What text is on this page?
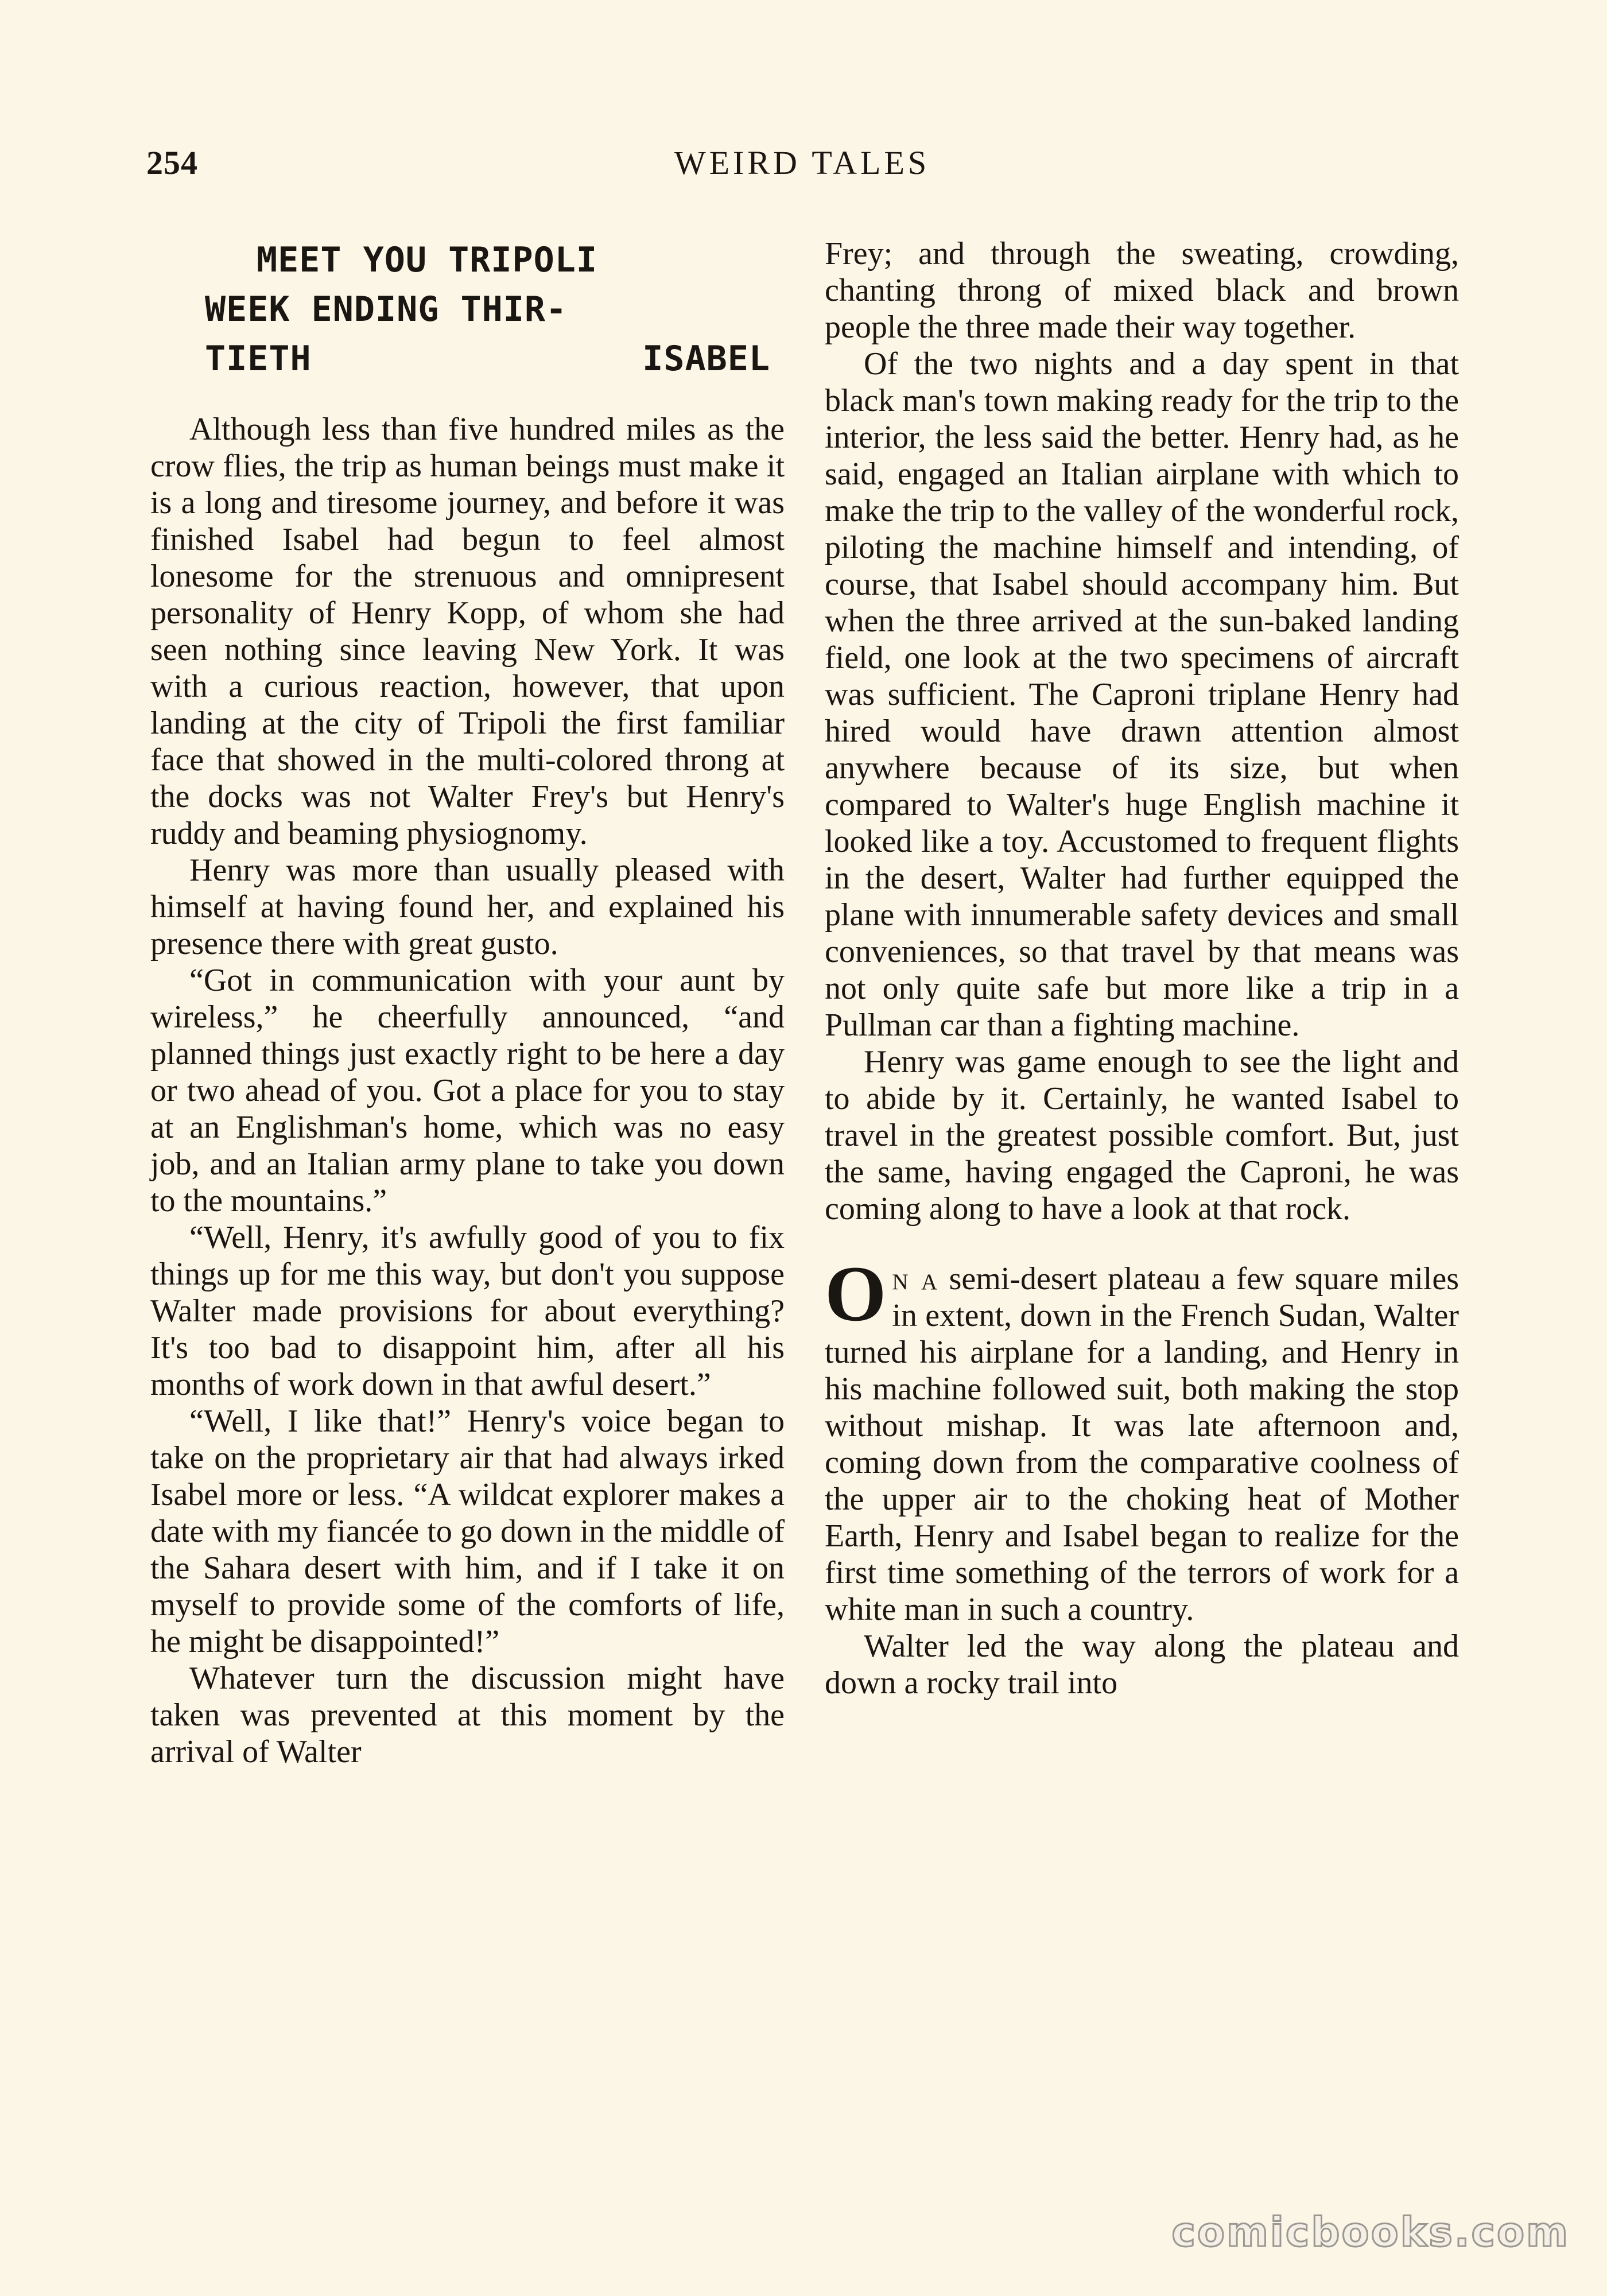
254	WEIRD TALES
MEET YOU TRIPOLI
WEEK ENDING THIR-
TIETH	ISABEL

Although less than five hundred miles as the crow flies, the trip as human beings must make it is a long and tiresome journey, and before it was finished Isabel had begun to feel almost lonesome for the strenuous and omnipresent personality of Henry Kopp, of whom she had seen nothing since leaving New York. It was with a curious reaction, however, that upon landing at the city of Tripoli the first familiar face that showed in the multi-colored throng at the docks was not Walter Frey's but Henry's ruddy and beaming physiognomy.

Henry was more than usually pleased with himself at having found her, and explained his presence there with great gusto.

“Got in communication with your aunt by wireless,” he cheerfully announced, “and planned things just exactly right to be here a day or two ahead of you. Got a place for you to stay at an Englishman's home, which was no easy job, and an Italian army plane to take you down to the mountains.”

“Well, Henry, it's awfully good of you to fix things up for me this way, but don't you suppose Walter made provisions for about everything? It's too bad to disappoint him, after all his months of work down in that awful desert.”

“Well, I like that!” Henry's voice began to take on the proprietary air that had always irked Isabel more or less. “A wildcat explorer makes a date with my fiancée to go down in the middle of the Sahara desert with him, and if I take it on myself to provide some of the comforts of life, he might be disappointed!”

Whatever turn the discussion might have taken was prevented at this moment by the arrival of Walter

Frey; and through the sweating, crowding, chanting throng of mixed black and brown people the three made their way together.

Of the two nights and a day spent in that black man's town making ready for the trip to the interior, the less said the better. Henry had, as he said, engaged an Italian airplane with which to make the trip to the valley of the wonderful rock, piloting the machine himself and intending, of course, that Isabel should accompany him. But when the three arrived at the sun-baked landing field, one look at the two specimens of aircraft was sufficient. The Caproni triplane Henry had hired would have drawn attention almost anywhere because of its size, but when compared to Walter's huge English machine it looked like a toy. Accustomed to frequent flights in the desert, Walter had further equipped the plane with innumerable safety devices and small conveniences, so that travel by that means was not only quite safe but more like a trip in a Pullman car than a fighting machine.

Henry was game enough to see the light and to abide by it. Certainly, he wanted Isabel to travel in the greatest possible comfort. But, just the same, having engaged the Caproni, he was coming along to have a look at that rock.

On a semi-desert plateau a few square miles in extent, down in the French Sudan, Walter turned his airplane for a landing, and Henry in his machine followed suit, both making the stop without mishap. It was late afternoon and, coming down from the comparative coolness of the upper air to the choking heat of Mother Earth, Henry and Isabel began to realize for the first time something of the terrors of work for a white man in such a country.

Walter led the way along the plateau and down a rocky trail into

comicbooks.com
